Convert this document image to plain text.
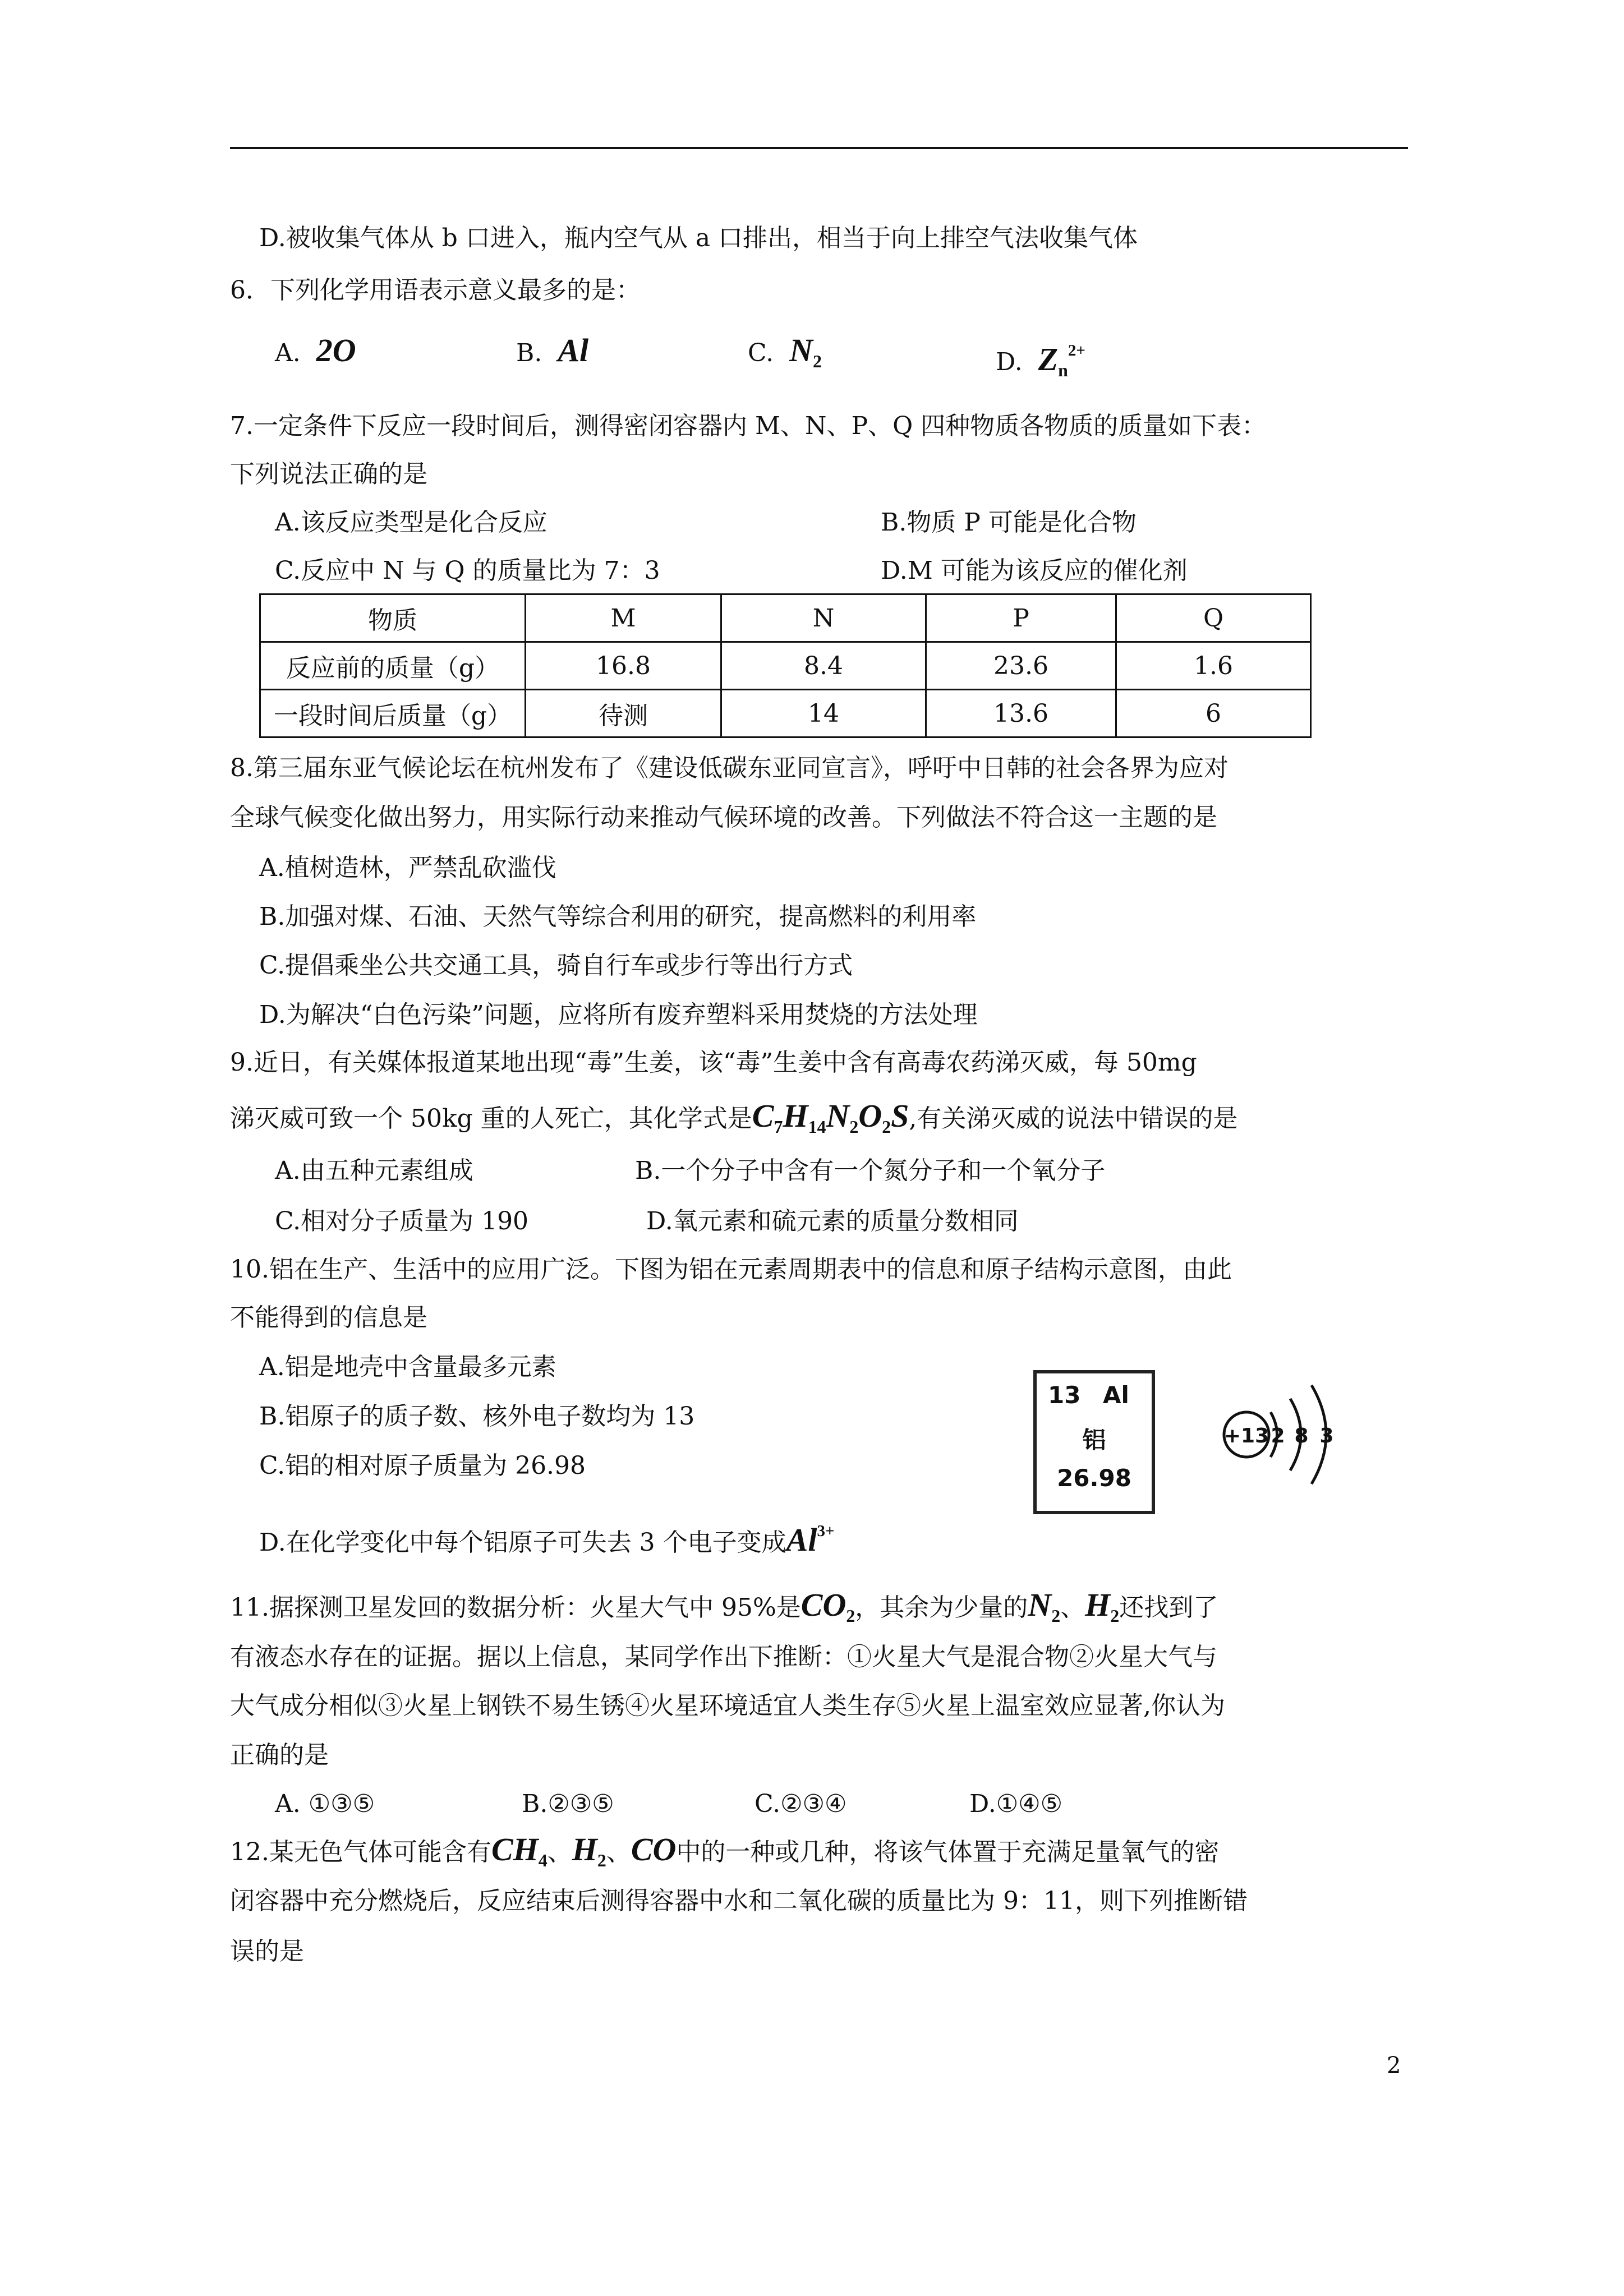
D.被收集气体从 b 口进入，瓶内空气从 a 口排出，相当于向上排空气法收集气体
6．下列化学用语表示意义最多的是：
A. 2O	B. Al	C. $N_2$	D. $Z_n^{2+}$
7.一定条件下反应一段时间后，测得密闭容器内 M、N、P、Q 四种物质各物质的质量如下表：
下列说法正确的是
A.该反应类型是化合反应	B.物质 P 可能是化合物
C.反应中 N 与 Q 的质量比为 7：3	D.M 可能为该反应的催化剂
物质	M	N	P	Q
反应前的质量（g）	16.8	8.4	23.6	1.6
一段时间后质量（g）	待测	14	13.6	6
8.第三届东亚气候论坛在杭州发布了《建设低碳东亚同宣言》，呼吁中日韩的社会各界为应对
全球气候变化做出努力，用实际行动来推动气候环境的改善。下列做法不符合这一主题的是
A.植树造林，严禁乱砍滥伐
B.加强对煤、石油、天然气等综合利用的研究，提高燃料的利用率
C.提倡乘坐公共交通工具，骑自行车或步行等出行方式
D.为解决“白色污染”问题，应将所有废弃塑料采用焚烧的方法处理
9.近日，有关媒体报道某地出现“毒”生姜，该“毒”生姜中含有高毒农药涕灭威，每 50mg
涕灭威可致一个 50kg 重的人死亡，其化学式是$C_7H_{14}N_2O_2S$,有关涕灭威的说法中错误的是
A.由五种元素组成	B.一个分子中含有一个氮分子和一个氧分子
C.相对分子质量为 190	D.氧元素和硫元素的质量分数相同
10.铝在生产、生活中的应用广泛。下图为铝在元素周期表中的信息和原子结构示意图，由此
不能得到的信息是
A.铝是地壳中含量最多元素
B.铝原子的质子数、核外电子数均为 13
C.铝的相对原子质量为 26.98
D.在化学变化中每个铝原子可失去 3 个电子变成$Al^{3+}$
13 Al
铝
26.98
+13 2 8 3
11.据探测卫星发回的数据分析：火星大气中 95%是$CO_2$，其余为少量的$N_2$、$H_2$还找到了
有液态水存在的证据。据以上信息，某同学作出下推断：①火星大气是混合物②火星大气与
大气成分相似③火星上钢铁不易生锈④火星环境适宜人类生存⑤火星上温室效应显著,你认为
正确的是
A. ①③⑤	B.②③⑤	C.②③④	D.①④⑤
12.某无色气体可能含有$CH_4$、$H_2$、CO中的一种或几种，将该气体置于充满足量氧气的密
闭容器中充分燃烧后，反应结束后测得容器中水和二氧化碳的质量比为 9：11，则下列推断错
误的是
2
